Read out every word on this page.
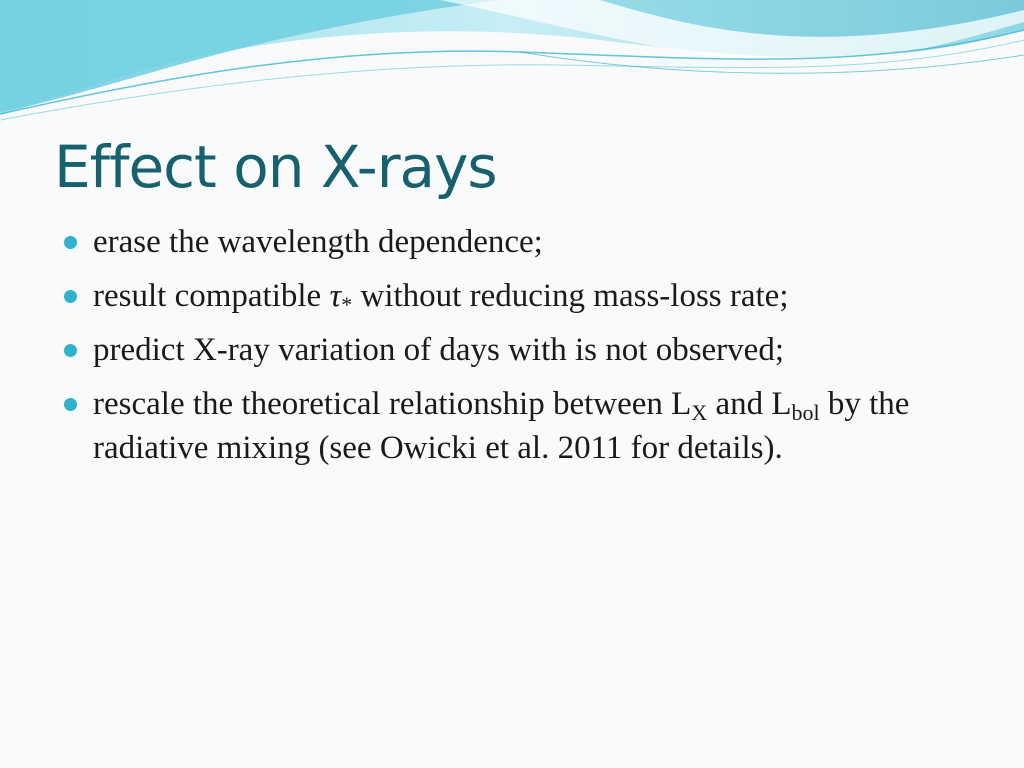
Effect on X-rays
erase the wavelength dependence;
result compatible $\tau_*$ without reducing mass-loss rate;
predict X-ray variation of days with is not observed;
rescale the theoretical relationship between $L_X$ and $L_{bol}$ by the radiative mixing (see Owicki et al. 2011 for details).
